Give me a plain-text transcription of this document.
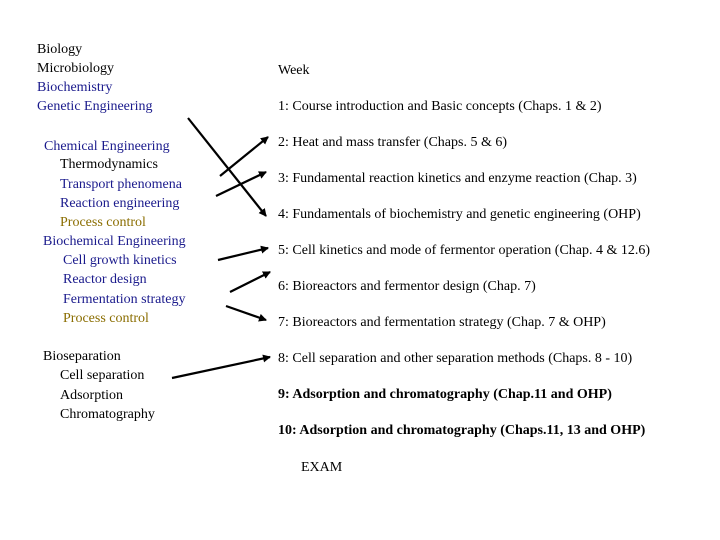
Biology
Microbiology
Biochemistry
Genetic Engineering
Chemical Engineering
Thermodynamics
Transport phenomena
Reaction engineering
Process control
Biochemical Engineering
Cell growth kinetics
Reactor design
Fermentation strategy
Process control
Bioseparation
Cell separation
Adsorption
Chromatography
Week
1: Course introduction and Basic concepts (Chaps. 1 & 2)
2: Heat and mass transfer (Chaps. 5 & 6)
3: Fundamental reaction kinetics and enzyme reaction (Chap. 3)
4: Fundamentals of biochemistry and genetic engineering (OHP)
5: Cell kinetics and mode of fermentor operation (Chap. 4 & 12.6)
6: Bioreactors and fermentor design (Chap. 7)
7: Bioreactors and fermentation strategy (Chap. 7 & OHP)
8: Cell separation and other separation methods (Chaps. 8 - 10)
9: Adsorption and chromatography (Chap.11 and OHP)
10: Adsorption and chromatography (Chaps.11, 13 and OHP)
EXAM
